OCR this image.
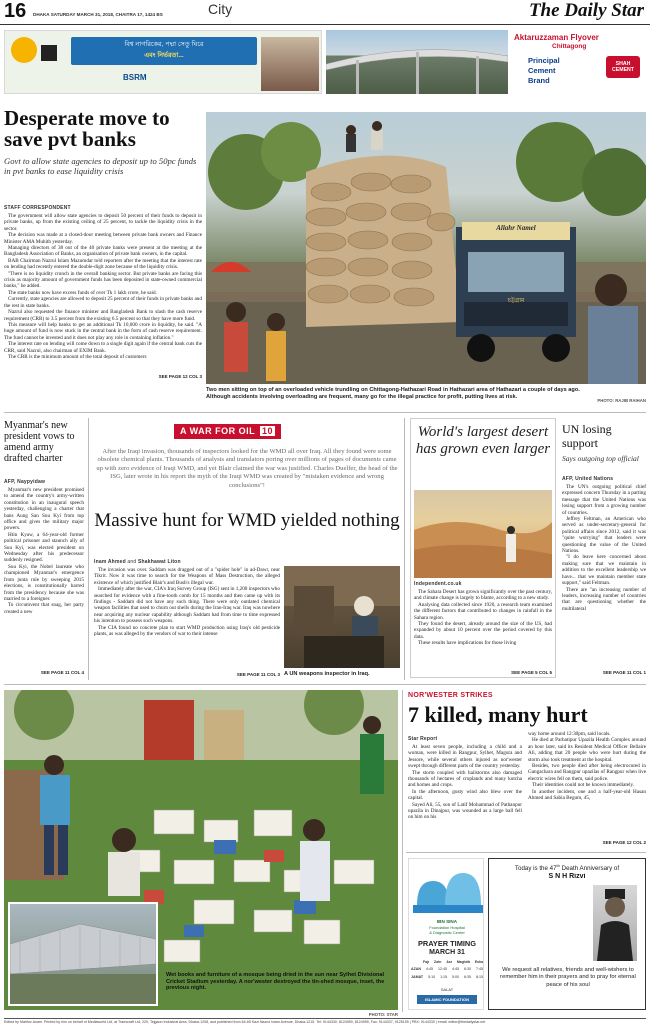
16 DHAKA SATURDAY MARCH 31, 2018, CHAITRA 17, 1424 BS	City	The Daily Star
বিশ্ব নাগরিকের, পদ্মা সেতু ঘিরে
এবং নির্ভরতা...
BSRM
Aktaruzzaman Flyover
Chittagong
Principal
Cement
Brand
SHAH CEMENT
Desperate move to save pvt banks
Govt to allow state agencies to deposit up to 50pc funds in pvt banks to ease liquidity crisis
STAFF CORRESPONDENT

The government will allow state agencies to deposit 50 percent of their funds to deposit in private banks, up from the existing ceiling of 25 percent, to tackle the liquidity crisis in the sector.

The decision was made at a closed-door meeting between private bank owners and Finance Minister AMA Muhith yesterday.

Managing directors of 38 out of the 40 private banks were present at the meeting at the Bangladesh Association of Banks, an organisation of private bank owners, in the capital.

BAB Chairman Nazrul Islam Mazumdar told reporters after the meeting that the interest rate on lending had recently entered the double-digit zone because of the liquidity crisis.

"There is no liquidity crunch in the overall banking sector. But private banks are facing this crisis as majority amount of government funds has been deposited in state-owned commercial banks," he added.

The state banks now have excess funds of over Tk 1 lakh crore, he said.

Currently, state agencies are allowed to deposit 25 percent of their funds in private banks and the rest in state banks.

Nazrul also requested the finance minister and Bangladesh Bank to slash the cash reserve requirement (CRR) to 3.5 percent from the existing 6.5 percent so that they have more fund.

This measure will help banks to get an additional Tk 10,000 crore in liquidity, he said. "A huge amount of fund is now stuck in the central bank in the form of cash reserve requirement. The fund cannot be invested and it does not play any role in containing inflation."

The interest rate on lending will come down to a single digit again if the central bank cuts the CRR, said Nazrul, also chairman of EXIM Bank.

The CRR is the minimum amount of the total deposit of customers

SEE PAGE 12 COL 3
Allahr Namel
চট্টগ্রাম
Two men sitting on top of an overloaded vehicle trundling on Chittagong-Hathazari Road in Hathazari area of Hathazari a couple of days ago. Although accidents involving overloading are frequent, many go for the illegal practice for profit, putting lives at risk.
PHOTO: RAJIB RAIHAN
Myanmar's new president vows to amend army drafted charter
AFP, Naypyidaw

Myanmar's new president promised to amend the country's army-written constitution in an inaugural speech yesterday, challenging a charter that bans Aung San Suu Kyi from top office and gives the military major powers.

Htin Kyaw, a 64-year-old former political prisoner and staunch ally of Suu Kyi, was elected president on Wednesday after his predecessor suddenly resigned.

Suu Kyi, the Nobel laureate who championed Myanmar's emergence from junta rule by sweeping 2015 elections, is constitutionally barred from the presidency because she was married to a foreigner.

To circumvent that snag, her party created a new

SEE PAGE 11 COL 4
A WAR FOR OIL 10
After the Iraqi invasion, thousands of inspectors looked for the WMD all over Iraq. All they found were some obsolete chemical plants. Thousands of analysts and translators poring over millions of pages of documents came up with zero evidence of Iraqi WMD, and yet Blair claimed the war was justified. Charles Duelfer, the head of the ISG, later wrote in his report the myth of the Iraqi WMD was created by "mistaken evidence and wrong conclusions"!
Massive hunt for WMD yielded nothing
Inam Ahmed and Shakhawat Liton

The invasion was over. Saddam was dragged out of a "spider hole" in ad-Dawr, near Tikrit. Now it was time to search for the Weapons of Mass Destruction, the alleged existence of which justified Blair's and Bush's illegal war.

Immediately after the war, CIA's Iraq Survey Group (ISG) sent in 1,200 inspectors who searched for evidence with a fine-tooth comb for 15 months and then came up with its findings - Saddam did not have any such thing. There were only outdated chemical weapon facilities that used to churn out shells during the Iran-Iraq war. Iraq was nowhere near acquiring any nuclear capability although Saddam had from time to time expressed his intention to possess such weapons.

The CIA found no concrete plan to start WMD production using Iraq's old pesticide plants, as was alleged by the vendors of war to their intense

SEE PAGE 11 COL 3 A UN weapons inspector in Iraq.
World's largest desert has grown even larger
Independent.co.uk

The Sahara Desert has grown significantly over the past century, and climate change is largely to blame, according to a new study.

Analysing data collected since 1920, a research team examined the different factors that contributed to changes in rainfall in the Sahara region.

They found the desert, already around the size of the US, had expanded by about 10 percent over the period covered by this data.

These results have implications for those living

SEE PAGE 5 COL 5
UN losing support
Says outgoing top official
AFP, United Nations

The UN's outgoing political chief expressed concern Thursday in a parting message that the United Nations was losing support from a growing number of countries.

Jeffrey Feltman, an American who served as under-secretary-general for political affairs since 2012, said it was "quite worrying" that leaders were questioning the value of the United Nations.

"I do leave here concerned about making sure that we maintain in addition to the excellent leadership we have... that we maintain member state support," said Feltman.

There are "an increasing number of leaders, increasing number of countries that are questioning whether the multilateral

SEE PAGE 11 COL 1
Wet books and furniture of a mosque being dried in the sun near Sylhet Divisional Cricket Stadium yesterday. A nor'wester destroyed the tin-shed mosque, inset, the previous night.
PHOTO: STAR
NOR'WESTER STRIKES
7 killed, many hurt
Star Report

At least seven people, including a child and a woman, were killed in Rangpur, Sylhet, Magura and Jessore, while several others injured as nor'wester swept through different parts of the country yesterday.

The storm coupled with hailstorms also damaged thousands of hectares of croplands and many kutcha and homes and crops.

In the afternoon, gusty wind also blew over the capital.

Sayed Ali, 55, son of Latif Mohammad of Pathanpur upazila in Dinajpur, was wounded as a large ball fell on him on his

way home around 12:30pm, said locals.

He died at Parbatipur Upazila Health Complex around an hour later, said its Resident Medical Officer Bellaire Ali, adding that 20 people who were hurt during the storm also took treatment at the hospital.

Besides, two people died after being electrocuted in Gangachara and Rangpur upazilas of Rangpur when live electric wires fell on them, said police.

Their identities could not be known immediately.

In another incident, one and a half-year-old Hasan Ahmed and Sabia Begum, 45,

SEE PAGE 12 COL 2
IBN SINA
Foundation Hospital
& Diagnostic Center
PRAYER TIMING
MARCH 31
Fajr Zohr Asr Maghrib Esha
AZAN 4:45 12:45 4:45 6:30 7:45
JAMAT 5:10 1:15 5:00 6:35 8:15
SALAT
ISLAMIC FOUNDATION
Today is the 47th Death Anniversary of
S N H Rizvi
We request all relatives, friends and well-wishers to remember him in their prayers and to pray for eternal peace of his soul
Edited by Mahfuz Anam. Printed by him on behalf of Mediaworld Ltd, at Transcraft Ltd, 229, Tejgaon Industrial Area, Dhaka-1208, and published from 64-65 Kazi Nazrul Islam Avenue, Dhaka-1215. Tel: 9144330, 8124950, 8124955, Fax: 9144337, 9125155 | PBX: 9144330 | email: editor@thedailystar.net
